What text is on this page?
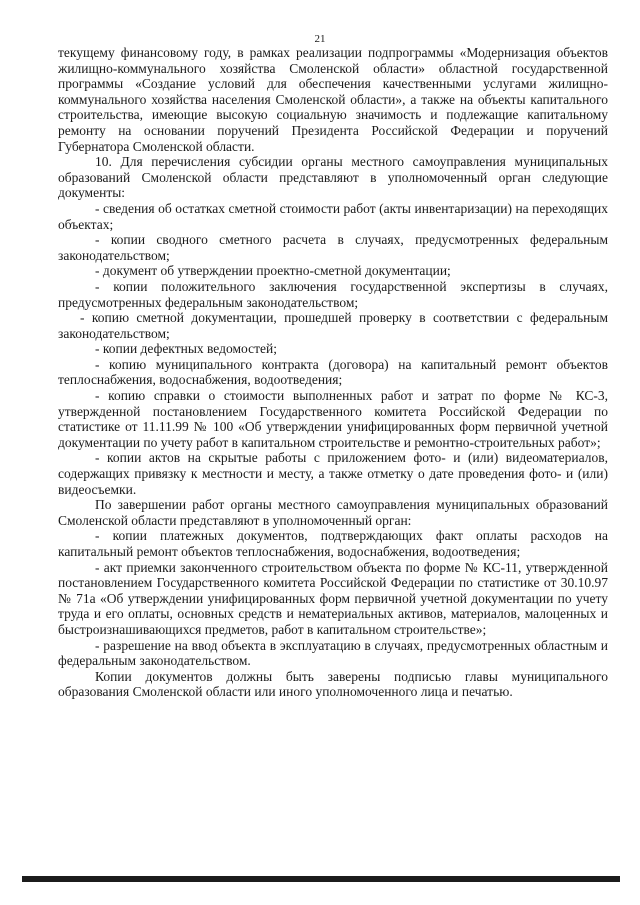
21

текущему финансовому году, в рамках реализации подпрограммы «Модернизация объектов жилищно-коммунального хозяйства Смоленской области» областной государственной программы «Создание условий для обеспечения качественными услугами жилищно-коммунального хозяйства населения Смоленской области», а также на объекты капитального строительства, имеющие высокую социальную значимость и подлежащие капитальному ремонту на основании поручений Президента Российской Федерации и поручений Губернатора Смоленской области.

10. Для перечисления субсидии органы местного самоуправления муниципальных образований Смоленской области представляют в уполномоченный орган следующие документы:

- сведения об остатках сметной стоимости работ (акты инвентаризации) на переходящих объектах;

- копии сводного сметного расчета в случаях, предусмотренных федеральным законодательством;

- документ об утверждении проектно-сметной документации;

- копии положительного заключения государственной экспертизы в случаях, предусмотренных федеральным законодательством;

- копию сметной документации, прошедшей проверку в соответствии с федеральным законодательством;

- копии дефектных ведомостей;

- копию муниципального контракта (договора) на капитальный ремонт объектов теплоснабжения, водоснабжения, водоотведения;

- копию справки о стоимости выполненных работ и затрат по форме № КС-3, утвержденной постановлением Государственного комитета Российской Федерации по статистике от 11.11.99 № 100 «Об утверждении унифицированных форм первичной учетной документации по учету работ в капитальном строительстве и ремонтно-строительных работ»;

- копии актов на скрытые работы с приложением фото- и (или) видеоматериалов, содержащих привязку к местности и месту, а также отметку о дате проведения фото- и (или) видеосъемки.

По завершении работ органы местного самоуправления муниципальных образований Смоленской области представляют в уполномоченный орган:

- копии платежных документов, подтверждающих факт оплаты расходов на капитальный ремонт объектов теплоснабжения, водоснабжения, водоотведения;

- акт приемки законченного строительством объекта по форме № КС-11, утвержденной постановлением Государственного комитета Российской Федерации по статистике от 30.10.97 № 71а «Об утверждении унифицированных форм первичной учетной документации по учету труда и его оплаты, основных средств и нематериальных активов, материалов, малоценных и быстроизнашивающихся предметов, работ в капитальном строительстве»;

- разрешение на ввод объекта в эксплуатацию в случаях, предусмотренных областным и федеральным законодательством.

Копии документов должны быть заверены подписью главы муниципального образования Смоленской области или иного уполномоченного лица и печатью.
